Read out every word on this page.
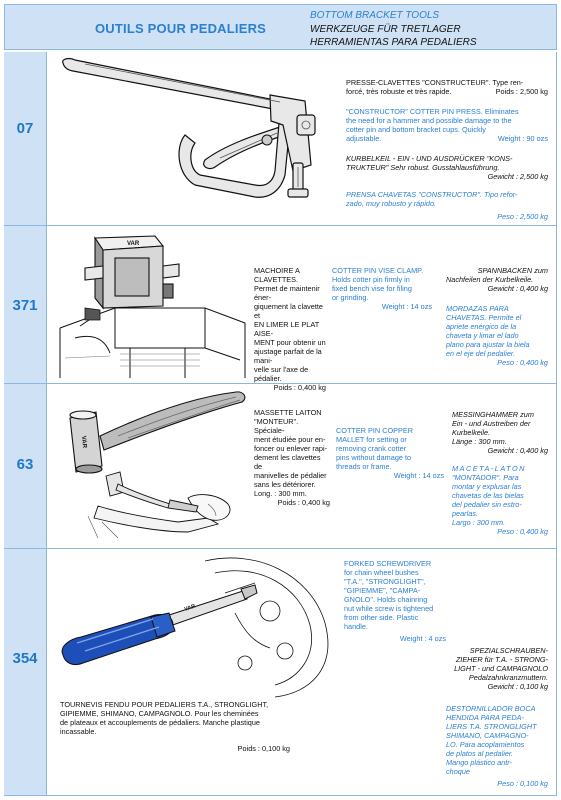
OUTILS POUR PEDALIERS
BOTTOM BRACKET TOOLS
WERKZEUGE FÜR TRETLAGER
HERRAMIENTAS PARA PEDALIERS
07
371
63
354
PRESSE-CLAVETTES "CONSTRUCTEUR". Type ren-
forcé, très robuste et très rapide.	Poids : 2,500 kg
"CONSTRUCTOR" COTTER PIN PRESS. Eliminates
the need for a hammer and possible damage to the
cotter pin and bottom bracket cups. Quickly
adjustable.	Weight : 90 ozs
KURBELKEIL - EIN - UND AUSDRÜCKER "KONS-
TRUKTEUR" Sehr robust. Gusstahlausführung.
Gewicht : 2,500 kg
PRENSA CHAVETAS "CONSTRUCTOR". Tipo refor-
zado, muy robusto y rápido.
Peso : 2,500 kg
VAR
MACHOIRE A CLAVETTES.
Permet de maintenir éner-
giquement la clavette et
EN LIMER LE PLAT AISE-
MENT pour obtenir un
ajustage parfait de la mani-
velle sur l'axe de pédalier.
Poids : 0,400 kg
COTTER PIN VISE CLAMP.
Holds cotter pin firmly in
fixed bench vise for filing
or grinding.
Weight : 14 ozs
SPANNBACKEN zum
Nachfeilen der Kurbelkeile.
Gewicht : 0,400 kg
MORDAZAS PARA
CHAVETAS. Permite el
apriete enérgico de la
chaveta y limar el lado
plano para ajustar la biela
en el eje del pedalier.
Peso : 0,400 kg
VAR
MASSETTE LAITON
"MONTEUR". Spéciale-
ment étudiée pour en-
foncer ou enlever rapi-
dement les clavettes de
manivelles de pédalier
sans les détériorer.
Long. : 300 mm.
Poids : 0,400 kg
COTTER PIN COPPER
MALLET for setting or
removing crank cotter
pins without damage to
threads or frame.
Weight : 14 ozs
MESSINGHAMMER zum
Ein - und Austreiben der
Kurbelkeile.
Länge : 300 mm.
Gewicht : 0,400 kg
MACETA-LATON
"MONTADOR". Para
montar y explusar las
chavetas de las bielas
del pedalier sin estro-
pearlas.
Largo : 300 mm.
Peso : 0,400 kg
VAR
TOURNEVIS FENDU POUR PEDALIERS T.A., STRONGLIGHT,
GIPIEMME, SHIMANO, CAMPAGNOLO. Pour les cheminées
de plateaux et accouplements de pédaliers. Manche plastique
incassable.
Poids : 0,100 kg
FORKED SCREWDRIVER
for chain wheel bushes
"T.A.", "STRONGLIGHT",
"GIPIEMME", "CAMPA-
GNOLO". Holds chainring
nut while screw is tightened
from other side. Plastic
handle.
Weight : 4 ozs
SPEZIALSCHRAUBEN-
ZIEHER für T.A. - STRONG-
LIGHT - und CAMPAGNOLO
Pedalzahnkranzmuttern.
Gewicht : 0,100 kg
DESTORNILLADOR BOCA
HENDIDA PARA PEDA-
LIERS T.A. STRONGLIGHT
SHIMANO, CAMPAGNO-
LO. Para acoplamientos
de platos al pedalier.
Mango plástico antr-
choque
Peso : 0,100 kg
